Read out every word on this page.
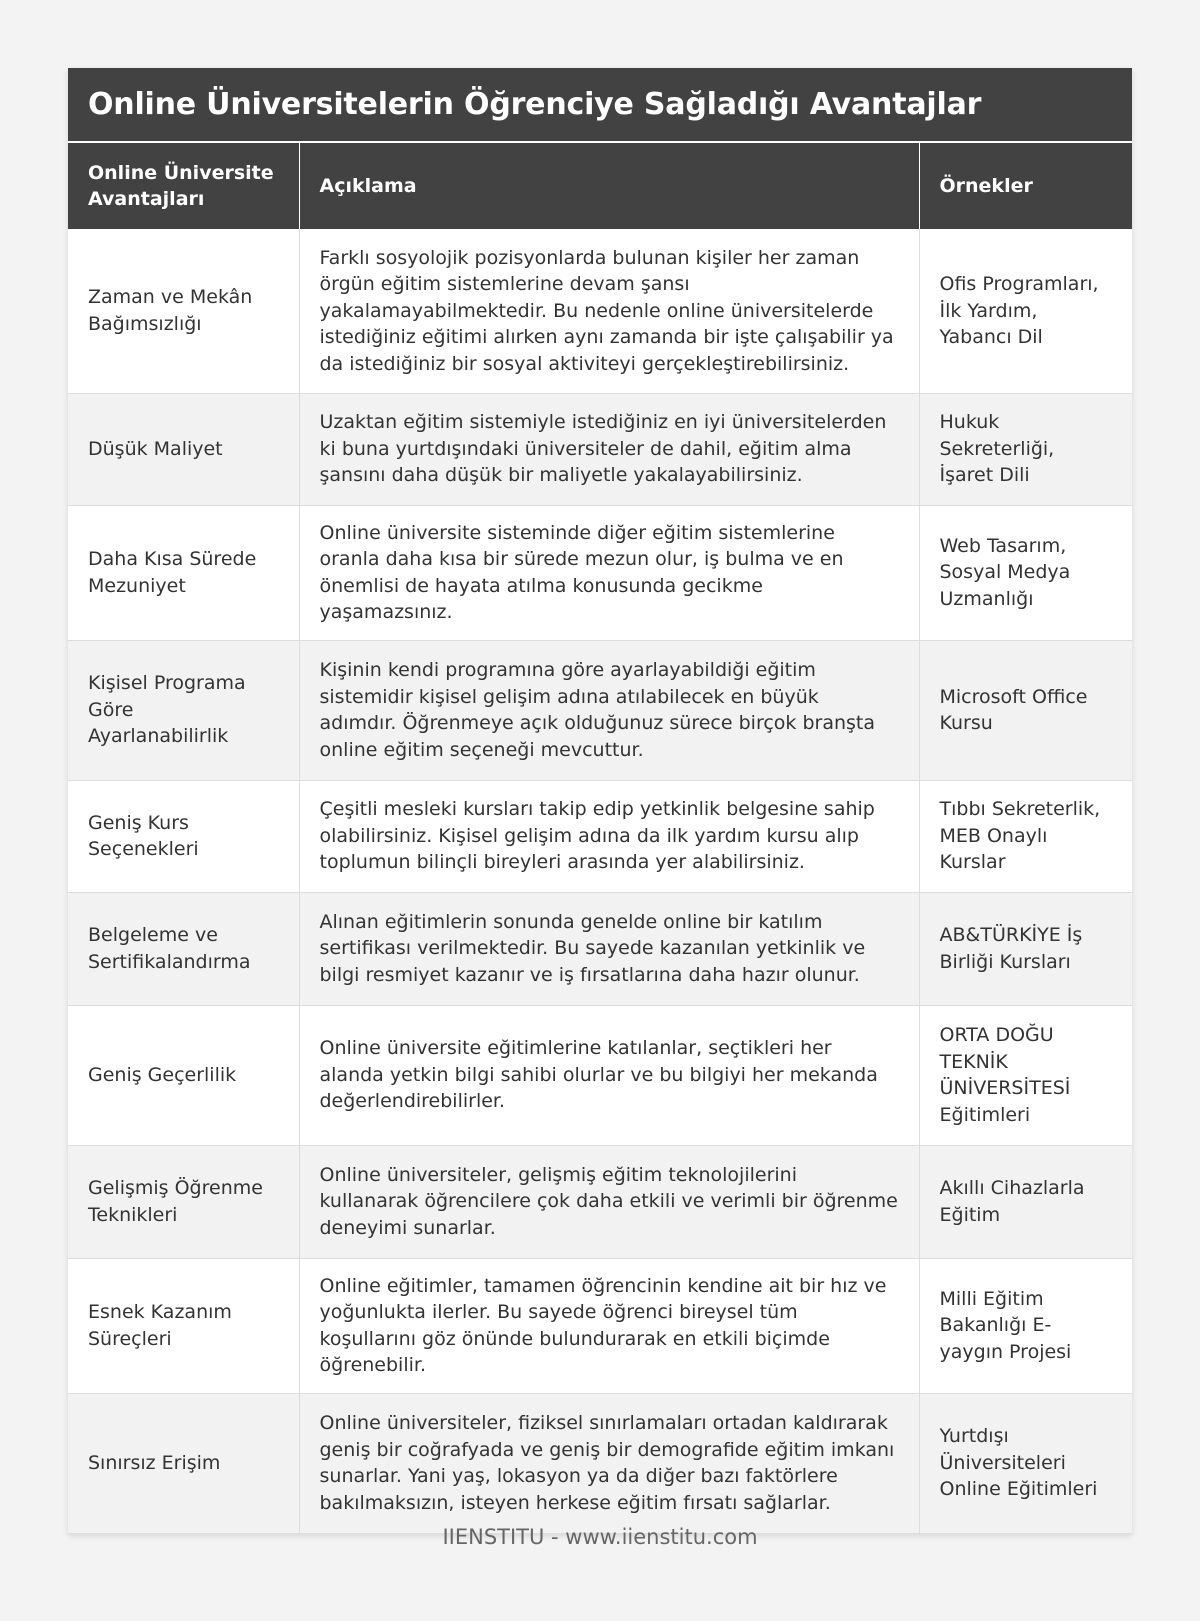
Online Üniversitelerin Öğrenciye Sağladığı Avantajlar
Online Üniversite Avantajları	Açıklama	Örnekler
Zaman ve Mekân Bağımsızlığı	Farklı sosyolojik pozisyonlarda bulunan kişiler her zaman örgün eğitim sistemlerine devam şansı yakalamayabilmektedir. Bu nedenle online üniversitelerde istediğiniz eğitimi alırken aynı zamanda bir işte çalışabilir ya da istediğiniz bir sosyal aktiviteyi gerçekleştirebilirsiniz.	Ofis Programları, İlk Yardım, Yabancı Dil
Düşük Maliyet	Uzaktan eğitim sistemiyle istediğiniz en iyi üniversitelerden ki buna yurtdışındaki üniversiteler de dahil, eğitim alma şansını daha düşük bir maliyetle yakalayabilirsiniz.	Hukuk Sekreterliği, İşaret Dili
Daha Kısa Sürede Mezuniyet	Online üniversite sisteminde diğer eğitim sistemlerine oranla daha kısa bir sürede mezun olur, iş bulma ve en önemlisi de hayata atılma konusunda gecikme yaşamazsınız.	Web Tasarım, Sosyal Medya Uzmanlığı
Kişisel Programa Göre Ayarlanabilirlik	Kişinin kendi programına göre ayarlayabildiği eğitim sistemidir kişisel gelişim adına atılabilecek en büyük adımdır. Öğrenmeye açık olduğunuz sürece birçok branşta online eğitim seçeneği mevcuttur.	Microsoft Office Kursu
Geniş Kurs Seçenekleri	Çeşitli mesleki kursları takip edip yetkinlik belgesine sahip olabilirsiniz. Kişisel gelişim adına da ilk yardım kursu alıp toplumun bilinçli bireyleri arasında yer alabilirsiniz.	Tıbbı Sekreterlik, MEB Onaylı Kurslar
Belgeleme ve Sertifikalandırma	Alınan eğitimlerin sonunda genelde online bir katılım sertifikası verilmektedir. Bu sayede kazanılan yetkinlik ve bilgi resmiyet kazanır ve iş fırsatlarına daha hazır olunur.	AB&TÜRKİYE İş Birliği Kursları
Geniş Geçerlilik	Online üniversite eğitimlerine katılanlar, seçtikleri her alanda yetkin bilgi sahibi olurlar ve bu bilgiyi her mekanda değerlendirebilirler.	ORTA DOĞU TEKNİK ÜNİVERSİTESİ Eğitimleri
Gelişmiş Öğrenme Teknikleri	Online üniversiteler, gelişmiş eğitim teknolojilerini kullanarak öğrencilere çok daha etkili ve verimli bir öğrenme deneyimi sunarlar.	Akıllı Cihazlarla Eğitim
Esnek Kazanım Süreçleri	Online eğitimler, tamamen öğrencinin kendine ait bir hız ve yoğunlukta ilerler. Bu sayede öğrenci bireysel tüm koşullarını göz önünde bulundurarak en etkili biçimde öğrenebilir.	Milli Eğitim Bakanlığı E-yaygın Projesi
Sınırsız Erişim	Online üniversiteler, fiziksel sınırlamaları ortadan kaldırarak geniş bir coğrafyada ve geniş bir demografide eğitim imkanı sunarlar. Yani yaş, lokasyon ya da diğer bazı faktörlere bakılmaksızın, isteyen herkese eğitim fırsatı sağlarlar.	Yurtdışı Üniversiteleri Online Eğitimleri
IIENSTITU - www.iienstitu.com
